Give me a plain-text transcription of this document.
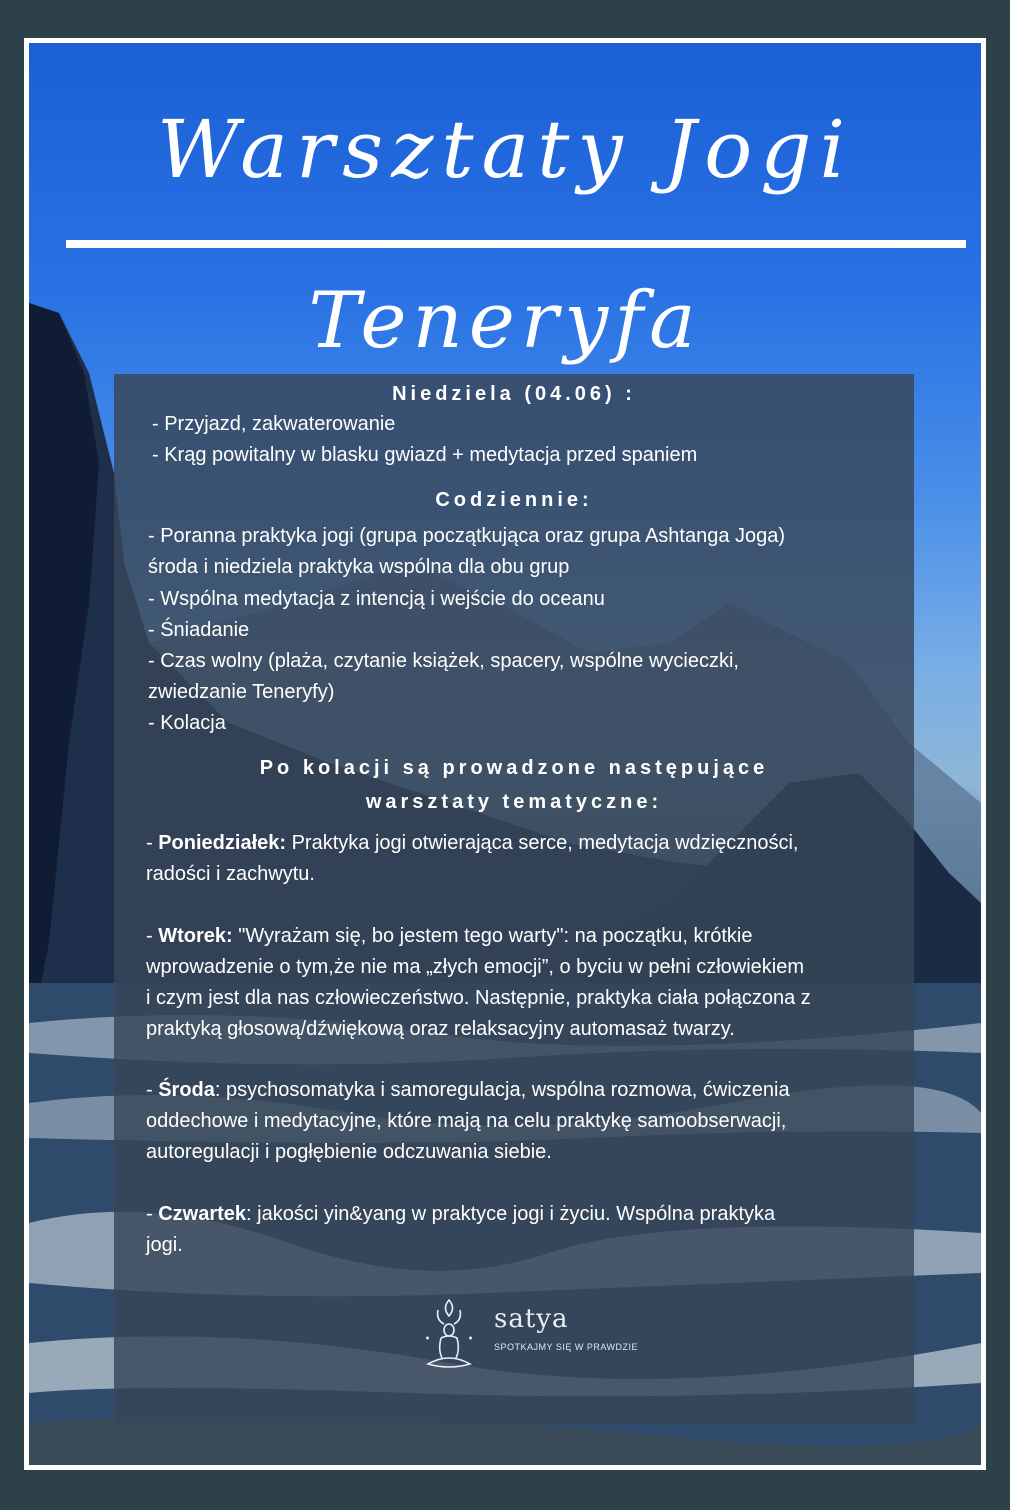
Warsztaty Jogi
Teneryfa
Niedziela (04.06) :
- Przyjazd, zakwaterowanie
- Krąg powitalny w blasku gwiazd + medytacja przed spaniem
Codziennie:
- Poranna praktyka jogi (grupa początkująca oraz grupa Ashtanga Joga)
środa i niedziela praktyka wspólna dla obu grup
- Wspólna medytacja z intencją i wejście do oceanu
- Śniadanie
- Czas wolny (plaża, czytanie książek, spacery, wspólne wycieczki,
zwiedzanie Teneryfy)
- Kolacja
Po kolacji są prowadzone następujące
warsztaty tematyczne:
- Poniedziałek: Praktyka jogi otwierająca serce, medytacja wdzięczności,
radości i zachwytu.
- Wtorek: "Wyrażam się, bo jestem tego warty": na początku, krótkie
wprowadzenie o tym,że nie ma „złych emocji”, o byciu w pełni człowiekiem
i czym jest dla nas człowieczeństwo. Następnie, praktyka ciała połączona z
praktyką głosową/dźwiękową oraz relaksacyjny automasaż twarzy.
- Środa: psychosomatyka i samoregulacja, wspólna rozmowa, ćwiczenia
oddechowe i medytacyjne, które mają na celu praktykę samoobserwacji,
autoregulacji i pogłębienie odczuwania siebie.
- Czwartek: jakości yin&yang w praktyce jogi i życiu. Wspólna praktyka
jogi.
satya
SPOTKAJMY SIĘ W PRAWDZIE
